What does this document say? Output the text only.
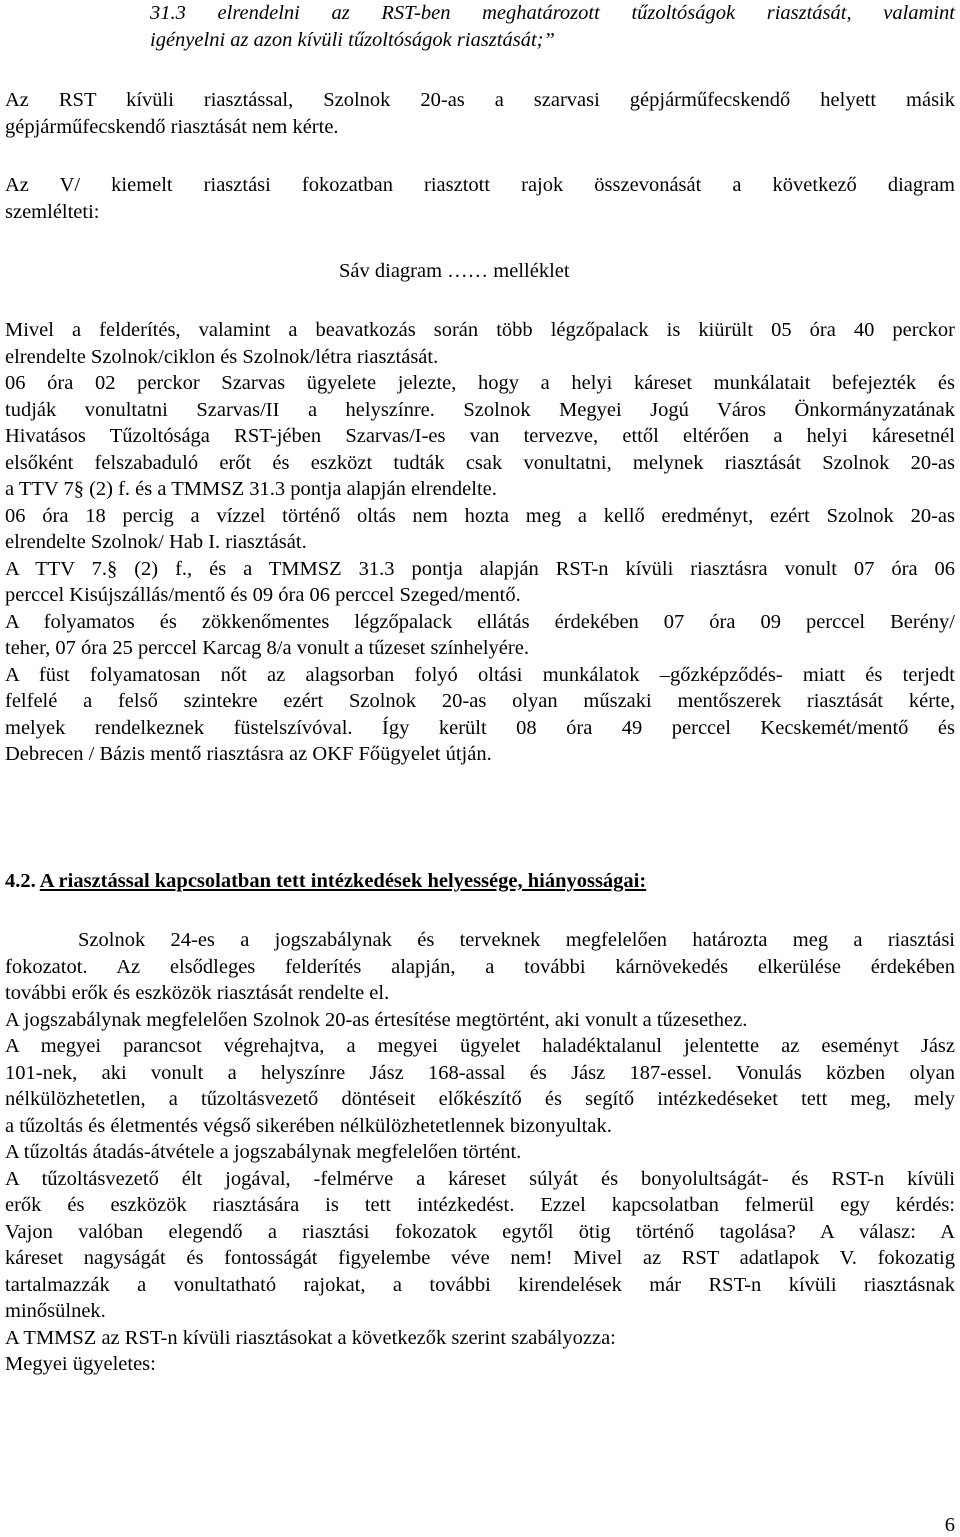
31.3 elrendelni az RST-ben meghatározott tűzoltóságok riasztását, valamint
igényelni az azon kívüli tűzoltóságok riasztását;”
Az RST kívüli riasztással, Szolnok 20-as a szarvasi gépjárműfecskendő helyett másik
gépjárműfecskendő riasztását nem kérte.
Az V/ kiemelt riasztási fokozatban riasztott rajok összevonását a következő diagram
szemlélteti:
Sáv diagram …… melléklet
Mivel a felderítés, valamint a beavatkozás során több légzőpalack is kiürült 05 óra 40 perckor
elrendelte Szolnok/ciklon és Szolnok/létra riasztását.
06 óra 02 perckor Szarvas ügyelete jelezte, hogy a helyi káreset munkálatait befejezték és
tudják vonultatni Szarvas/II a helyszínre. Szolnok Megyei Jogú Város Önkormányzatának
Hivatásos Tűzoltósága RST-jében Szarvas/I-es van tervezve, ettől eltérően a helyi káresetnél
elsőként felszabaduló erőt és eszközt tudták csak vonultatni, melynek riasztását Szolnok 20-as
a TTV 7§ (2) f. és a TMMSZ 31.3 pontja alapján elrendelte.
06 óra 18 percig a vízzel történő oltás nem hozta meg a kellő eredményt, ezért Szolnok 20-as
elrendelte Szolnok/ Hab I. riasztását.
A TTV 7.§ (2) f., és a TMMSZ 31.3 pontja alapján RST-n kívüli riasztásra vonult 07 óra 06
perccel Kisújszállás/mentő és 09 óra 06 perccel Szeged/mentő.
A folyamatos és zökkenőmentes légzőpalack ellátás érdekében 07 óra 09 perccel Berény/
teher, 07 óra 25 perccel Karcag 8/a vonult a tűzeset színhelyére.
A füst folyamatosan nőt az alagsorban folyó oltási munkálatok –gőzképződés- miatt és terjedt
felfelé a felső szintekre ezért Szolnok 20-as olyan műszaki mentőszerek riasztását kérte,
melyek rendelkeznek füstelszívóval. Így került 08 óra 49 perccel Kecskemét/mentő és
Debrecen / Bázis mentő riasztásra az OKF Főügyelet útján.
4.2. A riasztással kapcsolatban tett intézkedések helyessége, hiányosságai:
Szolnok 24-es a jogszabálynak és terveknek megfelelően határozta meg a riasztási
fokozatot. Az elsődleges felderítés alapján, a további kárnövekedés elkerülése érdekében
további erők és eszközök riasztását rendelte el.
A jogszabálynak megfelelően Szolnok 20-as értesítése megtörtént, aki vonult a tűzesethez.
A megyei parancsot végrehajtva, a megyei ügyelet haladéktalanul jelentette az eseményt Jász
101-nek, aki vonult a helyszínre Jász 168-assal és Jász 187-essel. Vonulás közben olyan
nélkülözhetetlen, a tűzoltásvezető döntéseit előkészítő és segítő intézkedéseket tett meg, mely
a tűzoltás és életmentés végső sikerében nélkülözhetetlennek bizonyultak.
A tűzoltás átadás-átvétele a jogszabálynak megfelelően történt.
A tűzoltásvezető élt jogával, -felmérve a káreset súlyát és bonyolultságát- és RST-n kívüli
erők és eszközök riasztására is tett intézkedést. Ezzel kapcsolatban felmerül egy kérdés:
Vajon valóban elegendő a riasztási fokozatok egytől ötig történő tagolása? A válasz: A
káreset nagyságát és fontosságát figyelembe véve nem! Mivel az RST adatlapok V. fokozatig
tartalmazzák a vonultatható rajokat, a további kirendelések már RST-n kívüli riasztásnak
minősülnek.
A TMMSZ az RST-n kívüli riasztásokat a következők szerint szabályozza:
Megyei ügyeletes:
6
